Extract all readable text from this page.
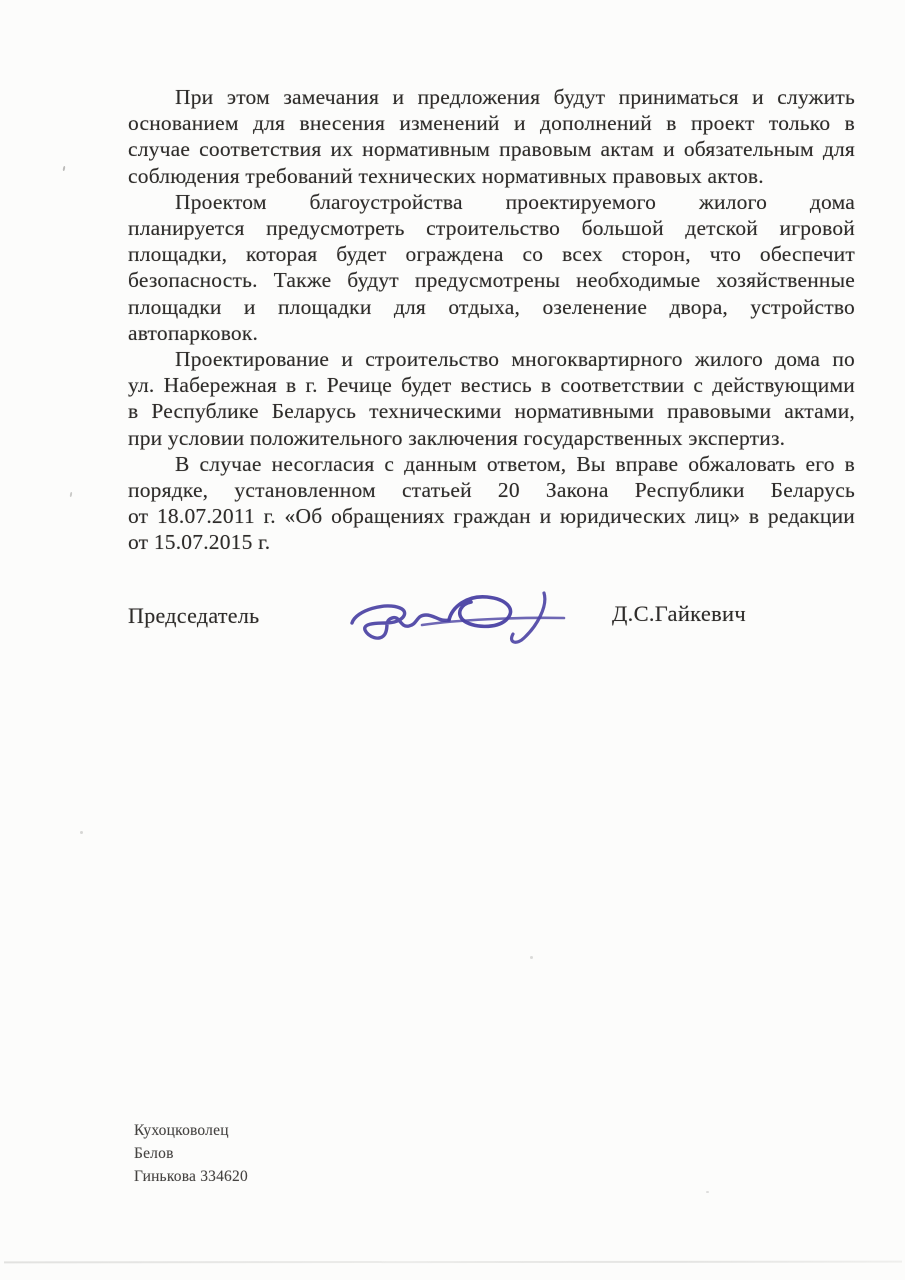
При этом замечания и предложения будут приниматься и служить
основанием для внесения изменений и дополнений в проект только в
случае соответствия их нормативным правовым актам и обязательным для
соблюдения требований технических нормативных правовых актов.
Проектом благоустройства проектируемого жилого дома
планируется предусмотреть строительство большой детской игровой
площадки, которая будет ограждена со всех сторон, что обеспечит
безопасность. Также будут предусмотрены необходимые хозяйственные
площадки и площадки для отдыха, озеленение двора, устройство
автопарковок.
Проектирование и строительство многоквартирного жилого дома по
ул. Набережная в г. Речице будет вестись в соответствии с действующими
в Республике Беларусь техническими нормативными правовыми актами,
при условии положительного заключения государственных экспертиз.
В случае несогласия с данным ответом, Вы вправе обжаловать его в
порядке, установленном статьей 20 Закона Республики Беларусь
от 18.07.2011 г. «Об обращениях граждан и юридических лиц» в редакции
от 15.07.2015 г.
Председатель	Д.С.Гайкевич
Кухоцковолец
Белов
Гинькова 334620
